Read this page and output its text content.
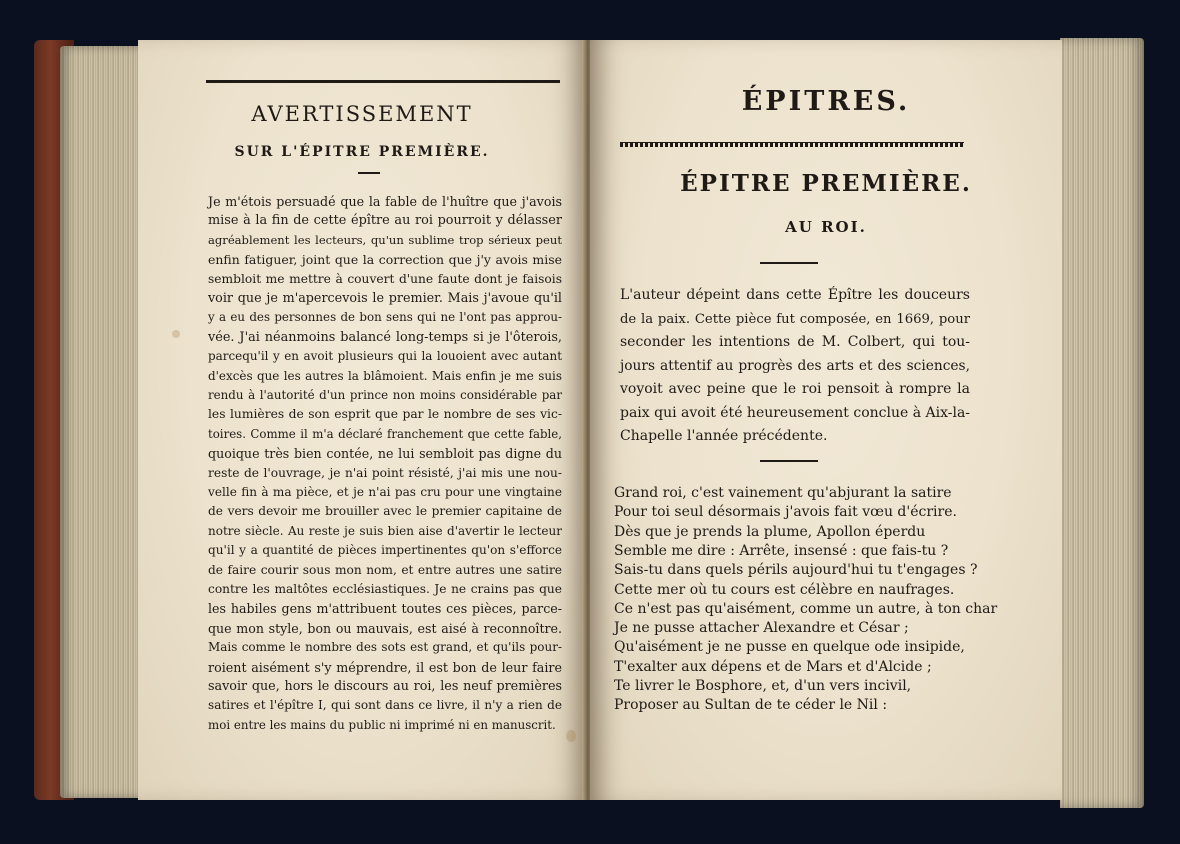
AVERTISSEMENT
SUR L'ÉPITRE PREMIÈRE.
Je m'étois persuadé que la fable de l'huître que j'avois
mise à la fin de cette épître au roi pourroit y délasser
agréablement les lecteurs, qu'un sublime trop sérieux peut
enfin fatiguer, joint que la correction que j'y avois mise
sembloit me mettre à couvert d'une faute dont je faisois
voir que je m'apercevois le premier. Mais j'avoue qu'il
y a eu des personnes de bon sens qui ne l'ont pas approu-
vée. J'ai néanmoins balancé long-temps si je l'ôterois,
parcequ'il y en avoit plusieurs qui la louoient avec autant
d'excès que les autres la blâmoient. Mais enfin je me suis
rendu à l'autorité d'un prince non moins considérable par
les lumières de son esprit que par le nombre de ses vic-
toires. Comme il m'a déclaré franchement que cette fable,
quoique très bien contée, ne lui sembloit pas digne du
reste de l'ouvrage, je n'ai point résisté, j'ai mis une nou-
velle fin à ma pièce, et je n'ai pas cru pour une vingtaine
de vers devoir me brouiller avec le premier capitaine de
notre siècle. Au reste je suis bien aise d'avertir le lecteur
qu'il y a quantité de pièces impertinentes qu'on s'efforce
de faire courir sous mon nom, et entre autres une satire
contre les maltôtes ecclésiastiques. Je ne crains pas que
les habiles gens m'attribuent toutes ces pièces, parce-
que mon style, bon ou mauvais, est aisé à reconnoître.
Mais comme le nombre des sots est grand, et qu'ils pour-
roient aisément s'y méprendre, il est bon de leur faire
savoir que, hors le discours au roi, les neuf premières
satires et l'épître I, qui sont dans ce livre, il n'y a rien de
moi entre les mains du public ni imprimé ni en manuscrit.
ÉPITRES.
ÉPITRE PREMIÈRE.
AU ROI.
L'auteur dépeint dans cette Épître les douceurs
de la paix. Cette pièce fut composée, en 1669, pour
seconder les intentions de M. Colbert, qui tou-
jours attentif au progrès des arts et des sciences,
voyoit avec peine que le roi pensoit à rompre la
paix qui avoit été heureusement conclue à Aix-la-
Chapelle l'année précédente.
Grand roi, c'est vainement qu'abjurant la satire
Pour toi seul désormais j'avois fait vœu d'écrire.
Dès que je prends la plume, Apollon éperdu
Semble me dire : Arrête, insensé : que fais-tu ?
Sais-tu dans quels périls aujourd'hui tu t'engages ?
Cette mer où tu cours est célèbre en naufrages.
Ce n'est pas qu'aisément, comme un autre, à ton char
Je ne pusse attacher Alexandre et César ;
Qu'aisément je ne pusse en quelque ode insipide,
T'exalter aux dépens et de Mars et d'Alcide ;
Te livrer le Bosphore, et, d'un vers incivil,
Proposer au Sultan de te céder le Nil :
